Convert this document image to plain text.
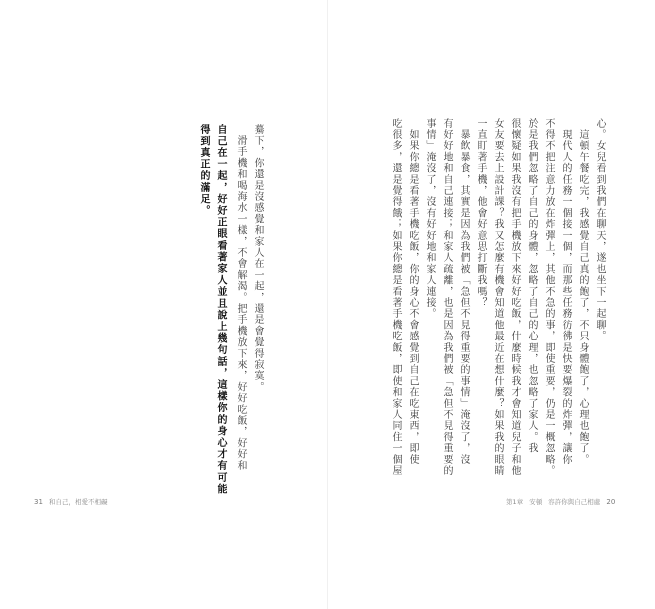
驀下，你還是沒感覺和家人在一起，還是會覺得寂寞。
　滑手機和喝海水一樣，不會解渴。把手機放下來，好好吃飯，好好和
自己在一起，好好正眼看著家人並且說上幾句話，這樣你的身心才有可能
得到真正的滿足。
31 和自己，相愛不相礙
心。女兒看到我們在聊天，遂也坐下一起聊。
　這頓午餐吃完，我感覺自己真的飽了，不只身體飽了，心理也飽了。
　現代人的任務一個接一個，而那些任務彷彿是快要爆裂的炸彈，讓你
不得不把注意力放在炸彈上，其他不急的事，即使重要，仍是一概忽略。
於是我們忽略了自己的身體，忽略了自己的心理，也忽略了家人。我
很懷疑如果我沒有把手機放下來好好吃飯，什麼時候我才會知道兒子和他
女友要去上設計課？我又怎麼有機會知道他最近在想什麼？如果我的眼睛
一直盯著手機，他會好意思打斷我嗎？
　暴飲暴食，其實是因為我們被「急但不見得重要的事情」淹沒了，沒
有好好地和自己連接；和家人疏離，也是因為我們被「急但不見得重要的
事情」淹沒了，沒有好好地和家人連接。
　如果你總是看著手機吃飯，你的身心不會感覺到自己在吃東西，即使
吃很多，還是覺得餓；如果你總是看著手機吃飯，即使和家人同住一個屋
第1章 安頓 容許你與自己相處 20
